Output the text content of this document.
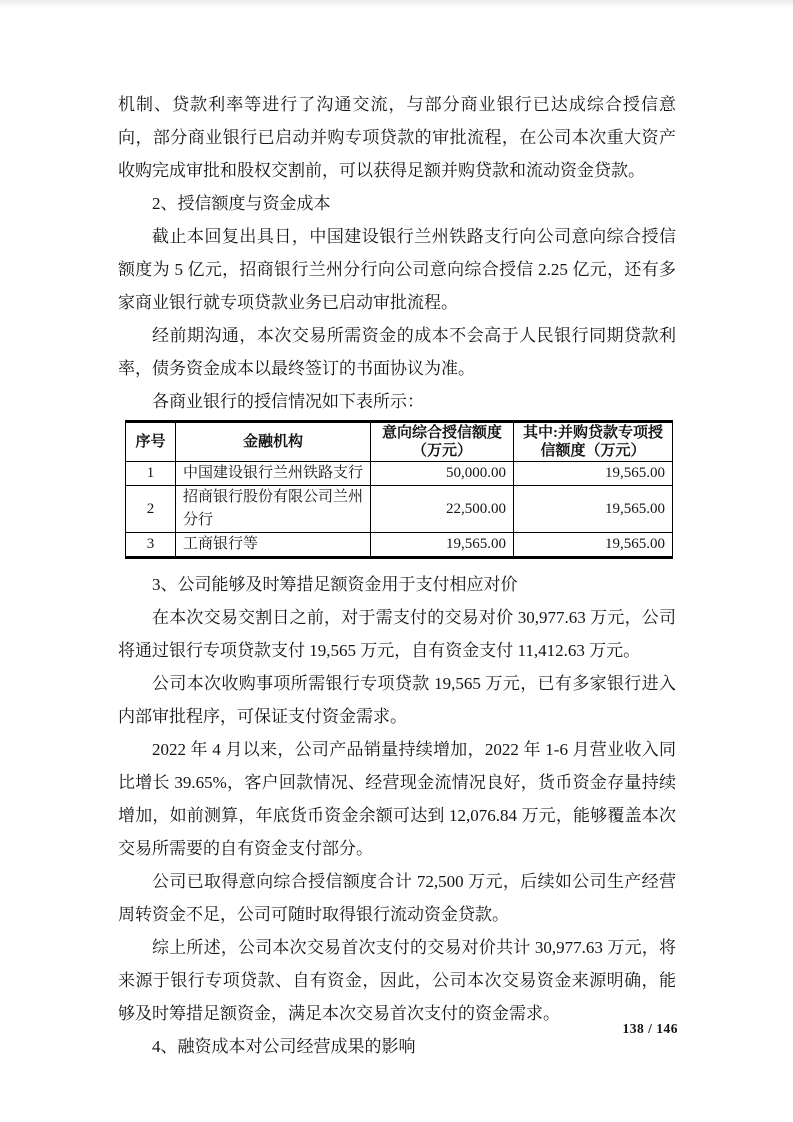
机制、贷款利率等进行了沟通交流，与部分商业银行已达成综合授信意向，部分商业银行已启动并购专项贷款的审批流程，在公司本次重大资产收购完成审批和股权交割前，可以获得足额并购贷款和流动资金贷款。

2、授信额度与资金成本

截止本回复出具日，中国建设银行兰州铁路支行向公司意向综合授信额度为 5 亿元，招商银行兰州分行向公司意向综合授信 2.25 亿元，还有多家商业银行就专项贷款业务已启动审批流程。

经前期沟通，本次交易所需资金的成本不会高于人民银行同期贷款利率，债务资金成本以最终签订的书面协议为准。

各商业银行的授信情况如下表所示：

序号	金融机构	意向综合授信额度（万元）	其中:并购贷款专项授信额度（万元）
1	中国建设银行兰州铁路支行	50,000.00	19,565.00
2	招商银行股份有限公司兰州分行	22,500.00	19,565.00
3	工商银行等	19,565.00	19,565.00

3、公司能够及时筹措足额资金用于支付相应对价

在本次交易交割日之前，对于需支付的交易对价 30,977.63 万元，公司将通过银行专项贷款支付 19,565 万元，自有资金支付 11,412.63 万元。

公司本次收购事项所需银行专项贷款 19,565 万元，已有多家银行进入内部审批程序，可保证支付资金需求。

2022 年 4 月以来，公司产品销量持续增加，2022 年 1-6 月营业收入同比增长 39.65%，客户回款情况、经营现金流情况良好，货币资金存量持续增加，如前测算，年底货币资金余额可达到 12,076.84 万元，能够覆盖本次交易所需要的自有资金支付部分。

公司已取得意向综合授信额度合计 72,500 万元，后续如公司生产经营周转资金不足，公司可随时取得银行流动资金贷款。

综上所述，公司本次交易首次支付的交易对价共计 30,977.63 万元，将来源于银行专项贷款、自有资金，因此，公司本次交易资金来源明确，能够及时筹措足额资金，满足本次交易首次支付的资金需求。

4、融资成本对公司经营成果的影响

138 / 146
